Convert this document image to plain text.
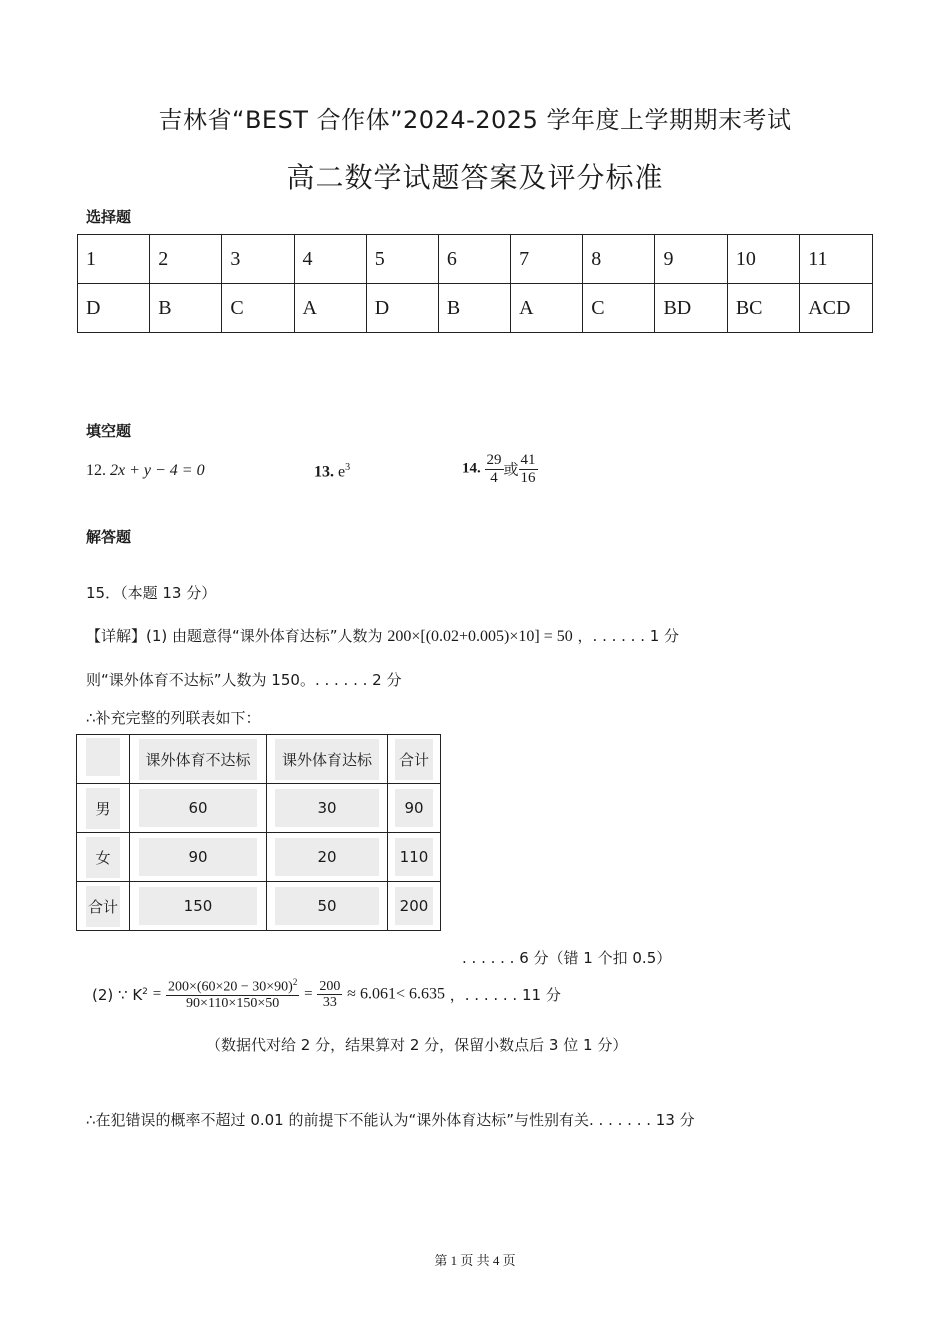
吉林省“BEST 合作体”2024-2025 学年度上学期期末考试
高二数学试题答案及评分标准
选择题
1	2	3	4	5	6	7	8	9	10	11
D	B	C	A	D	B	A	C	BD	BC	ACD
填空题
12. 2x + y − 4 = 0	13. $e^3$	14. $\frac{29}{4}$ 或 $\frac{41}{16}$
解答题
15．（本题 13 分）
【详解】(1) 由题意得“课外体育达标”人数为 200×[(0.02+0.005)×10] = 50 ，. . . . . . 1 分
则“课外体育不达标”人数为 150。. . . . . . 2 分
∴补充完整的列联表如下：
	课外体育不达标	课外体育达标	合计
男	60	30	90
女	90	20	110
合计	150	50	200
. . . . . . 6 分（错 1 个扣 0.5）
(2) ∵ $K^2 = \frac{200\times(60\times 20 - 30\times 90)^2}{90\times 110\times 150\times 50} = \frac{200}{33} \approx 6.061< 6.635$ ，. . . . . . 11 分
（数据代对给 2 分，结果算对 2 分，保留小数点后 3 位 1 分）
∴在犯错误的概率不超过 0.01 的前提下不能认为“课外体育达标”与性别有关. . . . . . . 13 分
第 1 页 共 4 页
